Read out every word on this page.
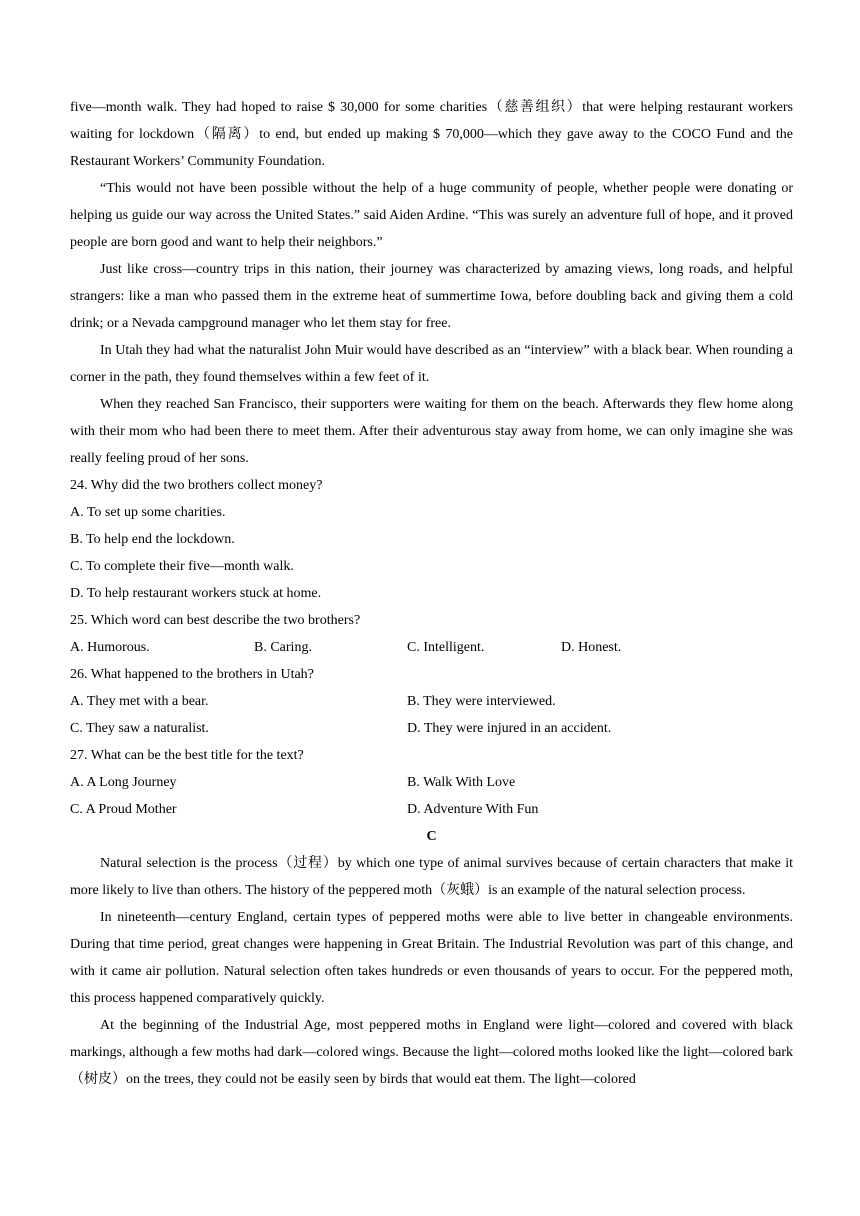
five—month walk. They had hoped to raise $ 30,000 for some charities（慈善组织）that were helping restaurant workers waiting for lockdown（隔离）to end, but ended up making $ 70,000—which they gave away to the COCO Fund and the Restaurant Workers’ Community Foundation.

“This would not have been possible without the help of a huge community of people, whether people were donating or helping us guide our way across the United States.” said Aiden Ardine. “This was surely an adventure full of hope, and it proved people are born good and want to help their neighbors.”

Just like cross—country trips in this nation, their journey was characterized by amazing views, long roads, and helpful strangers: like a man who passed them in the extreme heat of summertime Iowa, before doubling back and giving them a cold drink; or a Nevada campground manager who let them stay for free.

In Utah they had what the naturalist John Muir would have described as an “interview” with a black bear. When rounding a corner in the path, they found themselves within a few feet of it.

When they reached San Francisco, their supporters were waiting for them on the beach. Afterwards they flew home along with their mom who had been there to meet them. After their adventurous stay away from home, we can only imagine she was really feeling proud of her sons.

24. Why did the two brothers collect money?

A. To set up some charities.

B. To help end the lockdown.

C. To complete their five—month walk.

D. To help restaurant workers stuck at home.

25. Which word can best describe the two brothers?

A. Humorous.	B. Caring.	C. Intelligent.	D. Honest.

26. What happened to the brothers in Utah?

A. They met with a bear.	B. They were interviewed.
C. They saw a naturalist.	D. They were injured in an accident.

27. What can be the best title for the text?

A. A Long Journey	B. Walk With Love
C. A Proud Mother	D. Adventure With Fun

C

Natural selection is the process（过程）by which one type of animal survives because of certain characters that make it more likely to live than others. The history of the peppered moth（灰蛾）is an example of the natural selection process.

In nineteenth—century England, certain types of peppered moths were able to live better in changeable environments. During that time period, great changes were happening in Great Britain. The Industrial Revolution was part of this change, and with it came air pollution. Natural selection often takes hundreds or even thousands of years to occur. For the peppered moth, this process happened comparatively quickly.

At the beginning of the Industrial Age, most peppered moths in England were light—colored and covered with black markings, although a few moths had dark—colored wings. Because the light—colored moths looked like the light—colored bark（树皮）on the trees, they could not be easily seen by birds that would eat them. The light—colored
